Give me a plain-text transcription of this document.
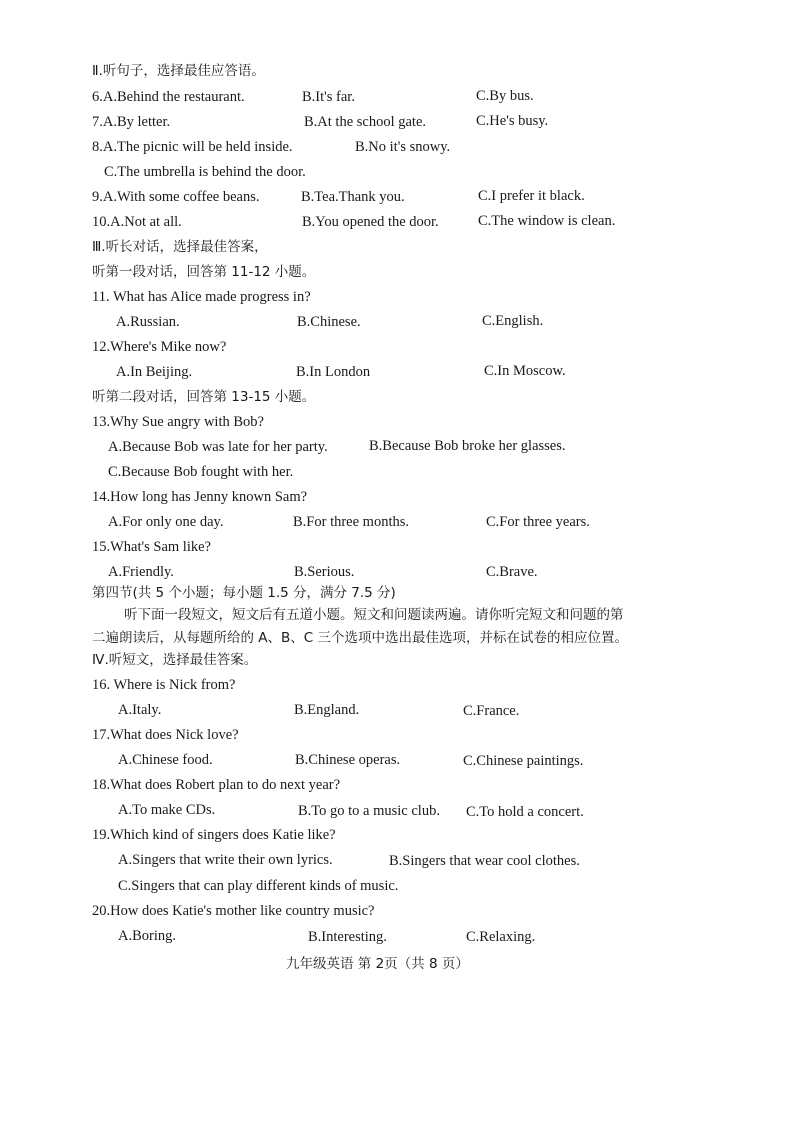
Ⅱ.听句子，选择最佳应答语。
6.A.Behind the restaurant.	B.It's far.	C.By bus.
7.A.By letter.	B.At the school gate.	C.He's busy.
8.A.The picnic will be held inside.	B.No it's snowy.
C.The umbrella is behind the door.
9.A.With some coffee beans.	B.Tea.Thank you.	C.I prefer it black.
10.A.Not at all.	B.You opened the door.	C.The window is clean.
Ⅲ.听长对话，选择最佳答案，
听第一段对话，回答第 11-12 小题。
11. What has Alice made progress in?
A.Russian.	B.Chinese.	C.English.
12.Where's Mike now?
A.In Beijing.	B.In London	C.In Moscow.
听第二段对话，回答第 13-15 小题。
13.Why Sue angry with Bob?
A.Because Bob was late for her party.	B.Because Bob broke her glasses.
C.Because Bob fought with her.
14.How long has Jenny known Sam?
A.For only one day.	B.For three months.	C.For three years.
15.What's Sam like?
A.Friendly.	B.Serious.	C.Brave.
第四节(共 5 个小题；每小题 1.5 分，满分 7.5 分)
听下面一段短文，短文后有五道小题。短文和问题读两遍。请你听完短文和问题的第
二遍朗读后，从每题所给的 A、B、C 三个选项中选出最佳选项，并标在试卷的相应位置。
Ⅳ.听短文，选择最佳答案。
16. Where is Nick from?
A.Italy.	B.England.	C.France.
17.What does Nick love?
A.Chinese food.	B.Chinese operas.	C.Chinese paintings.
18.What does Robert plan to do next year?
A.To make CDs.	B.To go to a music club. C.To hold a concert.
19.Which kind of singers does Katie like?
A.Singers that write their own lyrics.	B.Singers that wear cool clothes.
C.Singers that can play different kinds of music.
20.How does Katie's mother like country music?
A.Boring.	B.Interesting.	C.Relaxing.
九年级英语 第 2页（共 8 页）
